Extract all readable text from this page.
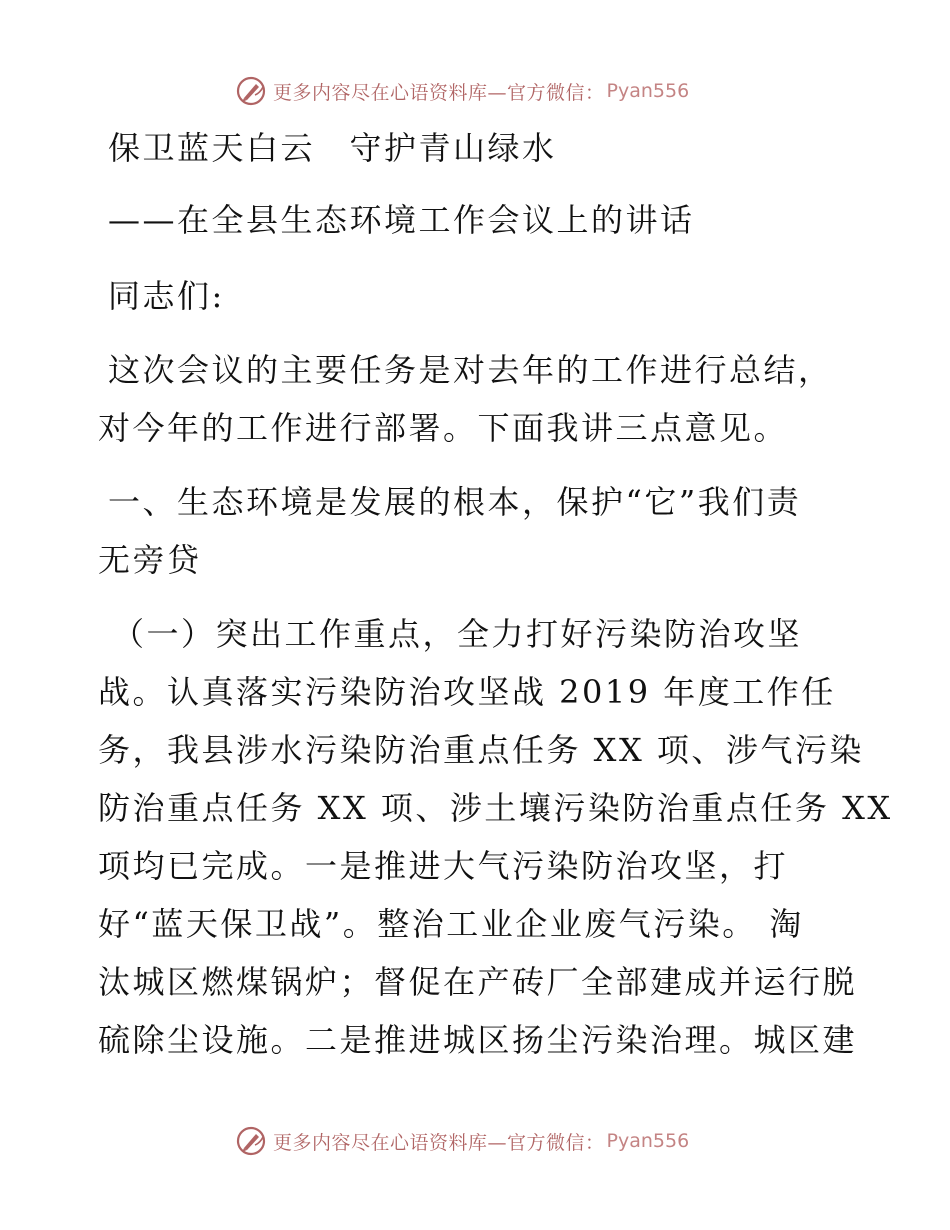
更多内容尽在心语资料库—官方微信： Pyan556
保卫蓝天白云　守护青山绿水
——在全县生态环境工作会议上的讲话
同志们:
这次会议的主要任务是对去年的工作进行总结，
对今年的工作进行部署。下面我讲三点意见。
一、生态环境是发展的根本，保护“它”我们责
无旁贷
（一）突出工作重点，全力打好污染防治攻坚
战。认真落实污染防治攻坚战 2019 年度工作任
务，我县涉水污染防治重点任务 XX 项、涉气污染
防治重点任务 XX 项、涉土壤污染防治重点任务 XX
项均已完成。一是推进大气污染防治攻坚，打
好“蓝天保卫战”。整治工业企业废气污染。 淘
汰城区燃煤锅炉；督促在产砖厂全部建成并运行脱
硫除尘设施。二是推进城区扬尘污染治理。城区建
更多内容尽在心语资料库—官方微信： Pyan556
